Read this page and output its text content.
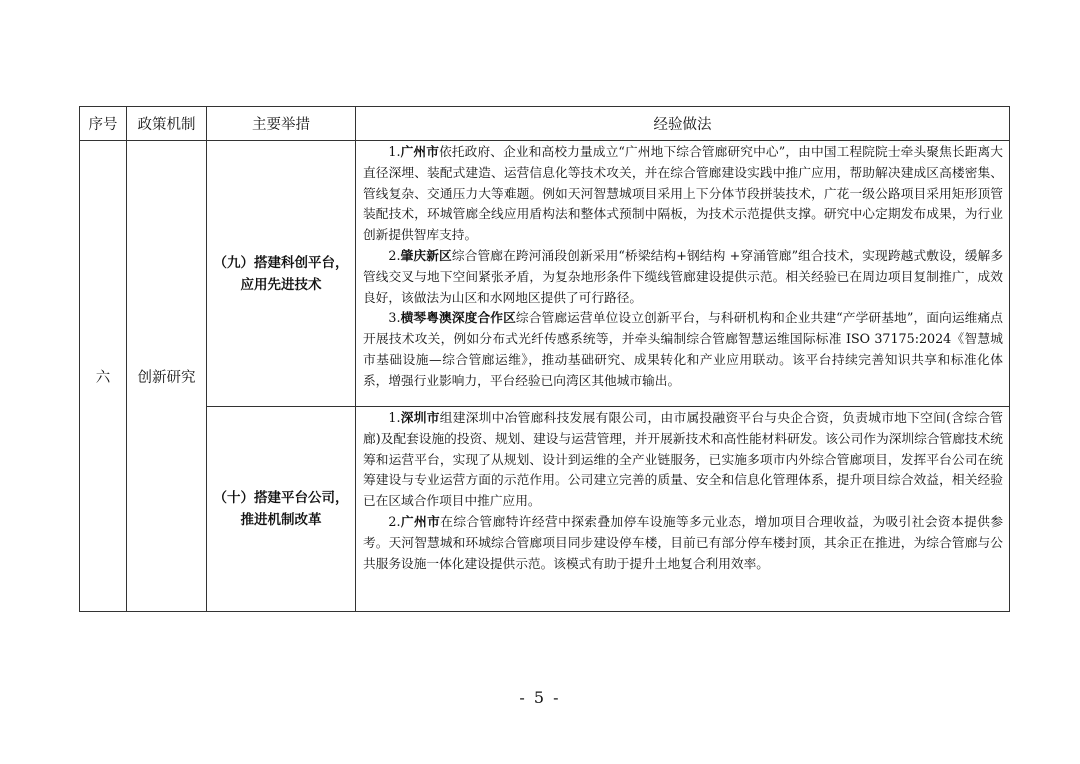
序号	政策机制	主要举措	经验做法
六	创新研究	（九）搭建科创平台，应用先进技术	1.广州市依托政府、企业和高校力量成立“广州地下综合管廊研究中心”，由中国工程院院士牵头聚焦长距离大直径深埋、装配式建造、运营信息化等技术攻关，并在综合管廊建设实践中推广应用，帮助解决建成区高楼密集、管线复杂、交通压力大等难题。例如天河智慧城项目采用上下分体节段拼装技术，广花一级公路项目采用矩形顶管装配技术，环城管廊全线应用盾构法和整体式预制中隔板，为技术示范提供支撑。研究中心定期发布成果，为行业创新提供智库支持。

2.肇庆新区综合管廊在跨河涌段创新采用“桥梁结构+钢结构 +穿涌管廊”组合技术，实现跨越式敷设，缓解多管线交叉与地下空间紧张矛盾，为复杂地形条件下缆线管廊建设提供示范。相关经验已在周边项目复制推广，成效良好，该做法为山区和水网地区提供了可行路径。

3.横琴粤澳深度合作区综合管廊运营单位设立创新平台，与科研机构和企业共建“产学研基地”，面向运维痛点开展技术攻关，例如分布式光纤传感系统等，并牵头编制综合管廊智慧运维国际标准 ISO 37175:2024《智慧城市基础设施—综合管廊运维》，推动基础研究、成果转化和产业应用联动。该平台持续完善知识共享和标准化体系，增强行业影响力，平台经验已向湾区其他城市输出。

		（十）搭建平台公司，推进机制改革	1.深圳市组建深圳中冶管廊科技发展有限公司，由市属投融资平台与央企合资，负责城市地下空间(含综合管廊)及配套设施的投资、规划、建设与运营管理，并开展新技术和高性能材料研发。该公司作为深圳综合管廊技术统筹和运营平台，实现了从规划、设计到运维的全产业链服务，已实施多项市内外综合管廊项目，发挥平台公司在统筹建设与专业运营方面的示范作用。公司建立完善的质量、安全和信息化管理体系，提升项目综合效益，相关经验已在区域合作项目中推广应用。

2.广州市在综合管廊特许经营中探索叠加停车设施等多元业态，增加项目合理收益，为吸引社会资本提供参考。天河智慧城和环城综合管廊项目同步建设停车楼，目前已有部分停车楼封顶，其余正在推进，为综合管廊与公共服务设施一体化建设提供示范。该模式有助于提升土地复合利用效率。

- 5 -
